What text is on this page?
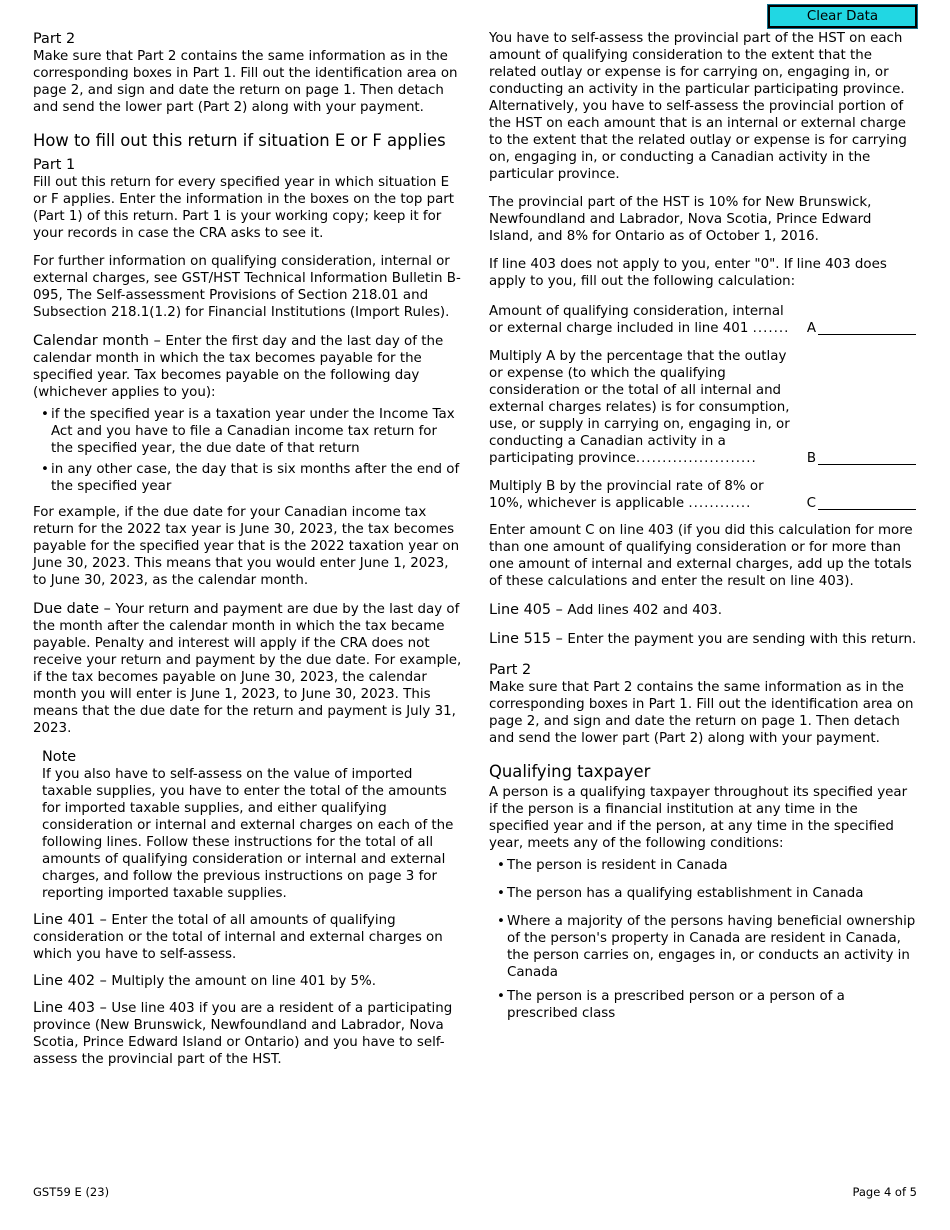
Clear Data

Part 2

Make sure that Part 2 contains the same information as in the corresponding boxes in Part 1. Fill out the identification area on page 2, and sign and date the return on page 1. Then detach and send the lower part (Part 2) along with your payment.

How to fill out this return if situation E or F applies

Part 1

Fill out this return for every specified year in which situation E or F applies. Enter the information in the boxes on the top part (Part 1) of this return. Part 1 is your working copy; keep it for your records in case the CRA asks to see it.

For further information on qualifying consideration, internal or external charges, see GST/HST Technical Information Bulletin B-095, The Self-assessment Provisions of Section 218.01 and Subsection 218.1(1.2) for Financial Institutions (Import Rules).

Calendar month – Enter the first day and the last day of the calendar month in which the tax becomes payable for the specified year. Tax becomes payable on the following day (whichever applies to you):

• if the specified year is a taxation year under the Income Tax Act and you have to file a Canadian income tax return for the specified year, the due date of that return
• in any other case, the day that is six months after the end of the specified year

For example, if the due date for your Canadian income tax return for the 2022 tax year is June 30, 2023, the tax becomes payable for the specified year that is the 2022 taxation year on June 30, 2023. This means that you would enter June 1, 2023, to June 30, 2023, as the calendar month.

Due date – Your return and payment are due by the last day of the month after the calendar month in which the tax became payable. Penalty and interest will apply if the CRA does not receive your return and payment by the due date. For example, if the tax becomes payable on June 30, 2023, the calendar month you will enter is June 1, 2023, to June 30, 2023. This means that the due date for the return and payment is July 31, 2023.

Note

If you also have to self-assess on the value of imported taxable supplies, you have to enter the total of the amounts for imported taxable supplies, and either qualifying consideration or internal and external charges on each of the following lines. Follow these instructions for the total of all amounts of qualifying consideration or internal and external charges, and follow the previous instructions on page 3 for reporting imported taxable supplies.

Line 401 – Enter the total of all amounts of qualifying consideration or the total of internal and external charges on which you have to self-assess.

Line 402 – Multiply the amount on line 401 by 5%.

Line 403 – Use line 403 if you are a resident of a participating province (New Brunswick, Newfoundland and Labrador, Nova Scotia, Prince Edward Island or Ontario) and you have to self-assess the provincial part of the HST.

You have to self-assess the provincial part of the HST on each amount of qualifying consideration to the extent that the related outlay or expense is for carrying on, engaging in, or conducting an activity in the particular participating province. Alternatively, you have to self-assess the provincial portion of the HST on each amount that is an internal or external charge to the extent that the related outlay or expense is for carrying on, engaging in, or conducting a Canadian activity in the particular province.

The provincial part of the HST is 10% for New Brunswick, Newfoundland and Labrador, Nova Scotia, Prince Edward Island, and 8% for Ontario as of October 1, 2016.

If line 403 does not apply to you, enter "0". If line 403 does apply to you, fill out the following calculation:

Amount of qualifying consideration, internal or external charge included in line 401 .......	A
Multiply A by the percentage that the outlay or expense (to which the qualifying consideration or the total of all internal and external charges relates) is for consumption, use, or supply in carrying on, engaging in, or conducting a Canadian activity in a participating province.......................	B
Multiply B by the provincial rate of 8% or 10%, whichever is applicable ............	C

Enter amount C on line 403 (if you did this calculation for more than one amount of qualifying consideration or for more than one amount of internal and external charges, add up the totals of these calculations and enter the result on line 403).

Line 405 – Add lines 402 and 403.

Line 515 – Enter the payment you are sending with this return.

Part 2

Make sure that Part 2 contains the same information as in the corresponding boxes in Part 1. Fill out the identification area on page 2, and sign and date the return on page 1. Then detach and send the lower part (Part 2) along with your payment.

Qualifying taxpayer

A person is a qualifying taxpayer throughout its specified year if the person is a financial institution at any time in the specified year and if the person, at any time in the specified year, meets any of the following conditions:

• The person is resident in Canada
• The person has a qualifying establishment in Canada
• Where a majority of the persons having beneficial ownership of the person's property in Canada are resident in Canada, the person carries on, engages in, or conducts an activity in Canada
• The person is a prescribed person or a person of a prescribed class
GST59 E (23)	Page 4 of 5
